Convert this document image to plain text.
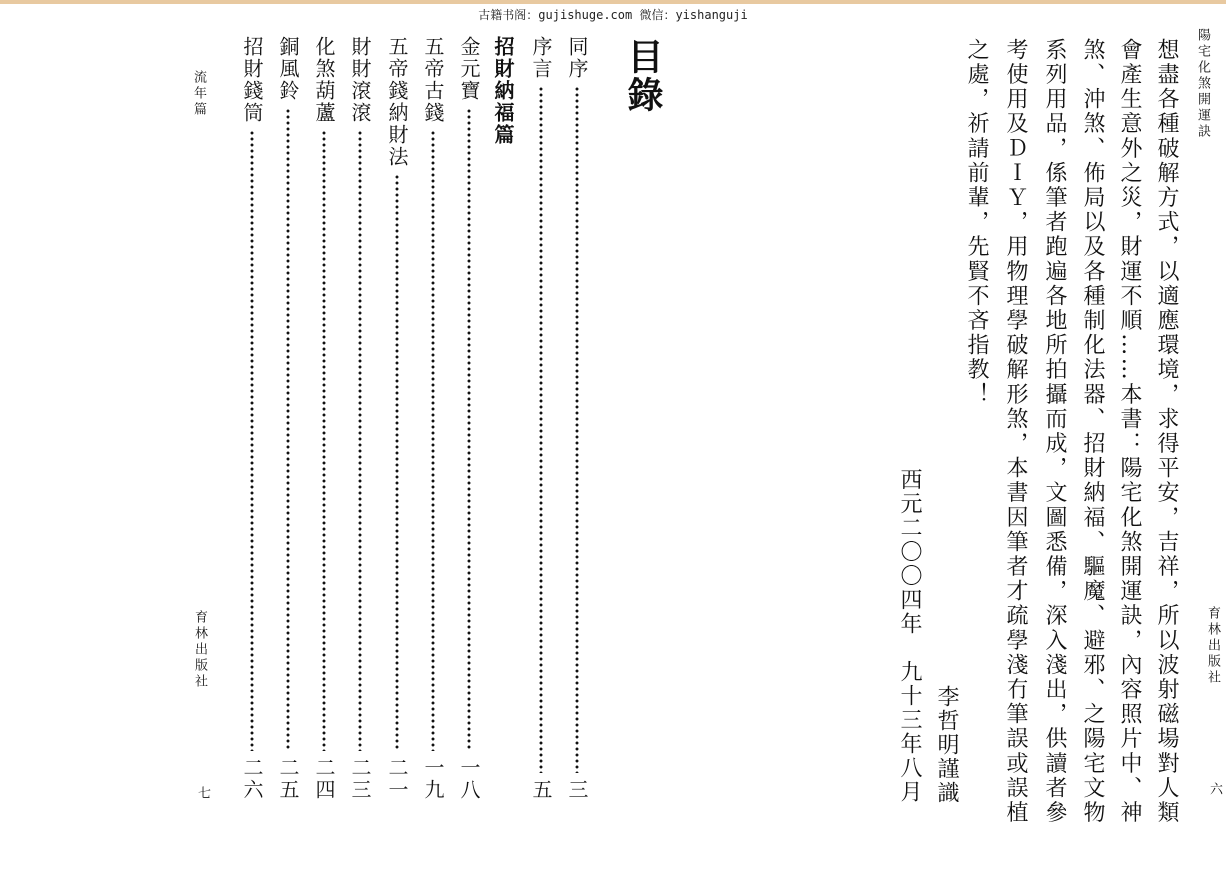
古籍书阁：gujishuge.com 微信：yishanguji
陽宅化煞開運訣
育林出版社
六
想盡各種破解方式，以適應環境，求得平安，吉祥，所以波射磁場對人類
會產生意外之災，財運不順……本書：陽宅化煞開運訣，內容照片中、神
煞、沖煞、佈局以及各種制化法器、招財納福、驅魔、避邪、之陽宅文物
系列用品，係筆者跑遍各地所拍攝而成，文圖悉備，深入淺出，供讀者參
考使用及ＤＩＹ，用物理學破解形煞，本書因筆者才疏學淺冇筆誤或誤植
之處，祈請前輩，先賢不吝指教！
李哲明謹識
西元二〇〇四年　九十三年八月
目錄
招財納福篇	同序
三
序言
五
金元寶
一八
五帝古錢
一九
五帝錢納財法
二一
財財滾滾
二三
化煞葫蘆
二四
銅風鈴
二五
招財錢筒
二六
流年篇
育林出版社
七
